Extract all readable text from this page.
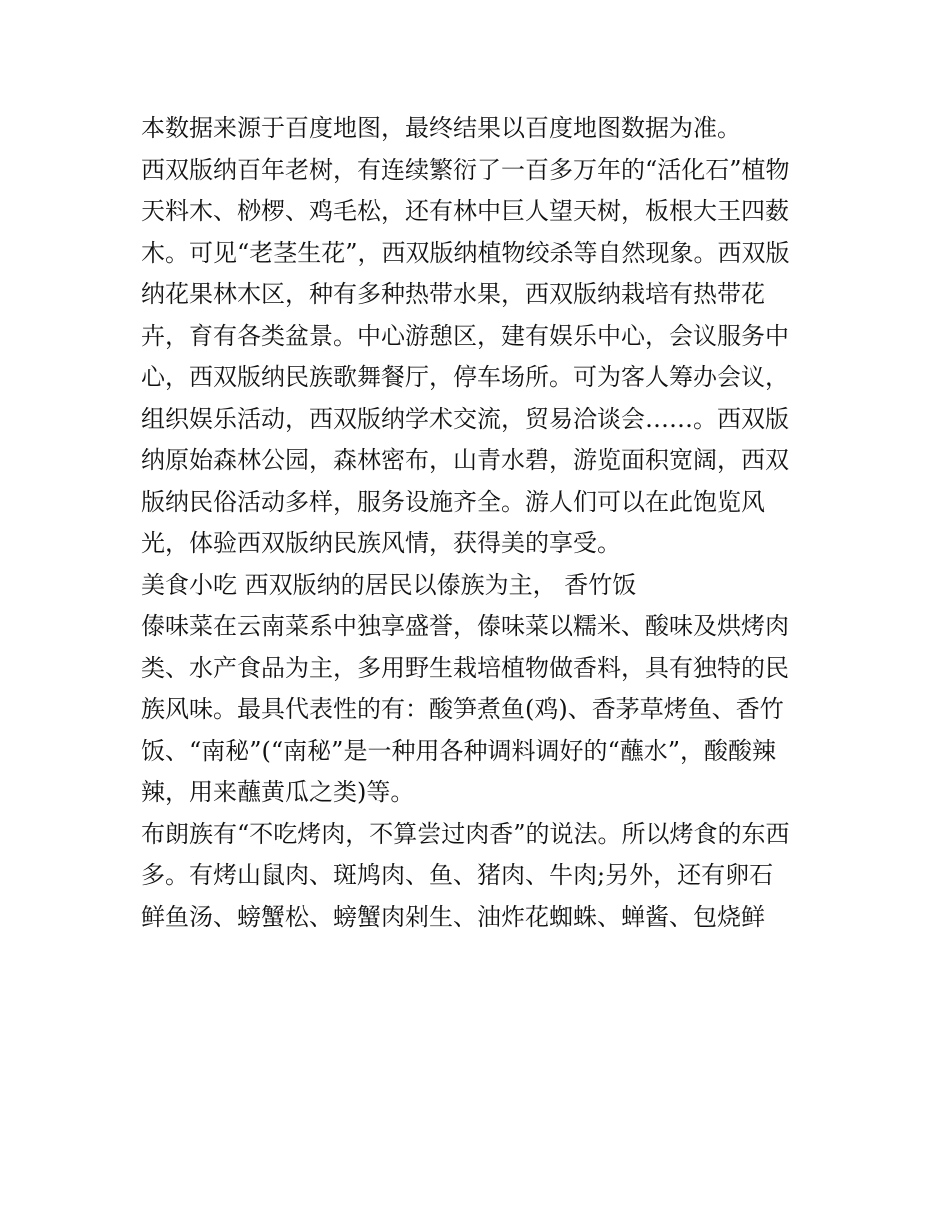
本数据来源于百度地图，最终结果以百度地图数据为准。
西双版纳百年老树，有连续繁衍了一百多万年的“活化石”植物
天料木、桫椤、鸡毛松，还有林中巨人望天树，板根大王四薮
木。可见“老茎生花”，西双版纳植物绞杀等自然现象。西双版
纳花果林木区，种有多种热带水果，西双版纳栽培有热带花
卉，育有各类盆景。中心游憩区，建有娱乐中心，会议服务中
心，西双版纳民族歌舞餐厅，停车场所。可为客人筹办会议，
组织娱乐活动，西双版纳学术交流，贸易洽谈会……。西双版
纳原始森林公园，森林密布，山青水碧，游览面积宽阔，西双
版纳民俗活动多样，服务设施齐全。游人们可以在此饱览风
光，体验西双版纳民族风情，获得美的享受。
美食小吃 西双版纳的居民以傣族为主， 香竹饭
傣味菜在云南菜系中独享盛誉，傣味菜以糯米、酸味及烘烤肉
类、水产食品为主，多用野生栽培植物做香料，具有独特的民
族风味。最具代表性的有：酸笋煮鱼(鸡)、香茅草烤鱼、香竹
饭、“南秘”(“南秘”是一种用各种调料调好的“蘸水”，酸酸辣
辣，用来蘸黄瓜之类)等。
布朗族有“不吃烤肉，不算尝过肉香”的说法。所以烤食的东西
多。有烤山鼠肉、斑鸠肉、鱼、猪肉、牛肉;另外，还有卵石
鲜鱼汤、螃蟹松、螃蟹肉剁生、油炸花蜘蛛、蝉酱、包烧鲜
